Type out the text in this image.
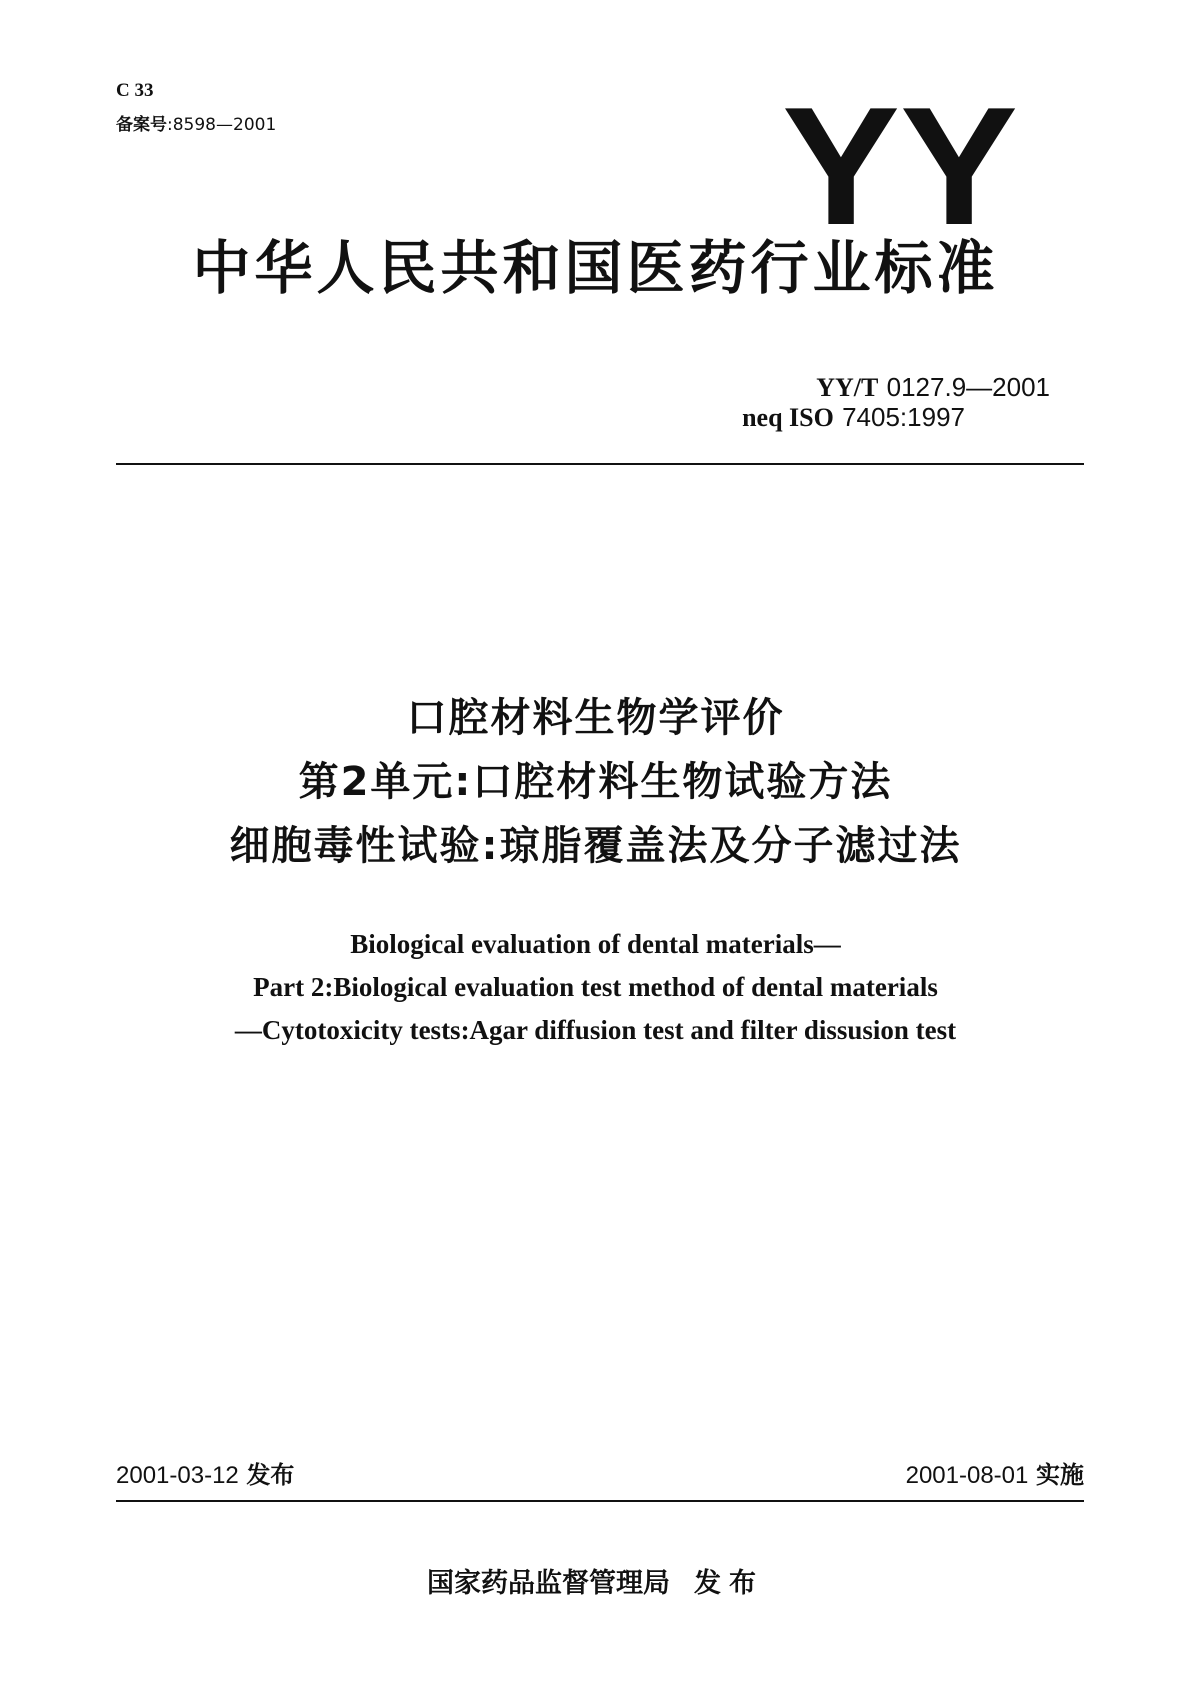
C 33
备案号:8598—2001	YY
中华人民共和国医药行业标准
YY/T 0127.9—2001
neq ISO 7405:1997
口腔材料生物学评价
第2单元:口腔材料生物试验方法
细胞毒性试验:琼脂覆盖法及分子滤过法
Biological evaluation of dental materials—
Part 2:Biological evaluation test method of dental materials
—Cytotoxicity tests:Agar diffusion test and filter dissusion test
2001-03-12 发布	2001-08-01 实施
国家药品监督管理局 发布
